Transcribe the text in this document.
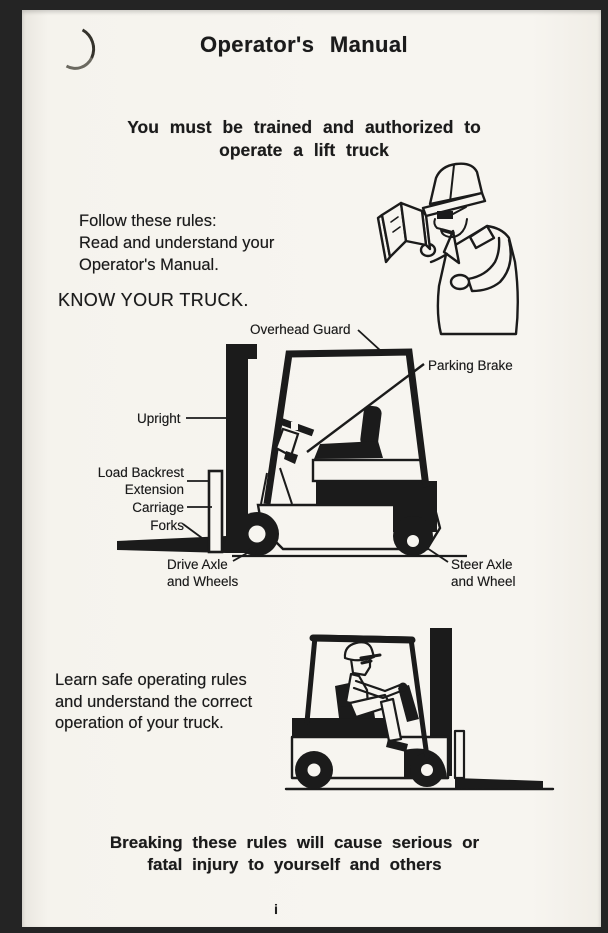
Operator's Manual
You must be trained and authorized to
operate a lift truck
Follow these rules:
Read and understand your
Operator's Manual.
KNOW YOUR TRUCK.
Overhead Guard
Parking Brake
Upright
Load Backrest
Extension
Carriage
Forks
Drive Axle
and Wheels
Steer Axle
and Wheel
Learn safe operating rules
and understand the correct
operation of your truck.
Breaking these rules will cause serious or
fatal injury to yourself and others
i
